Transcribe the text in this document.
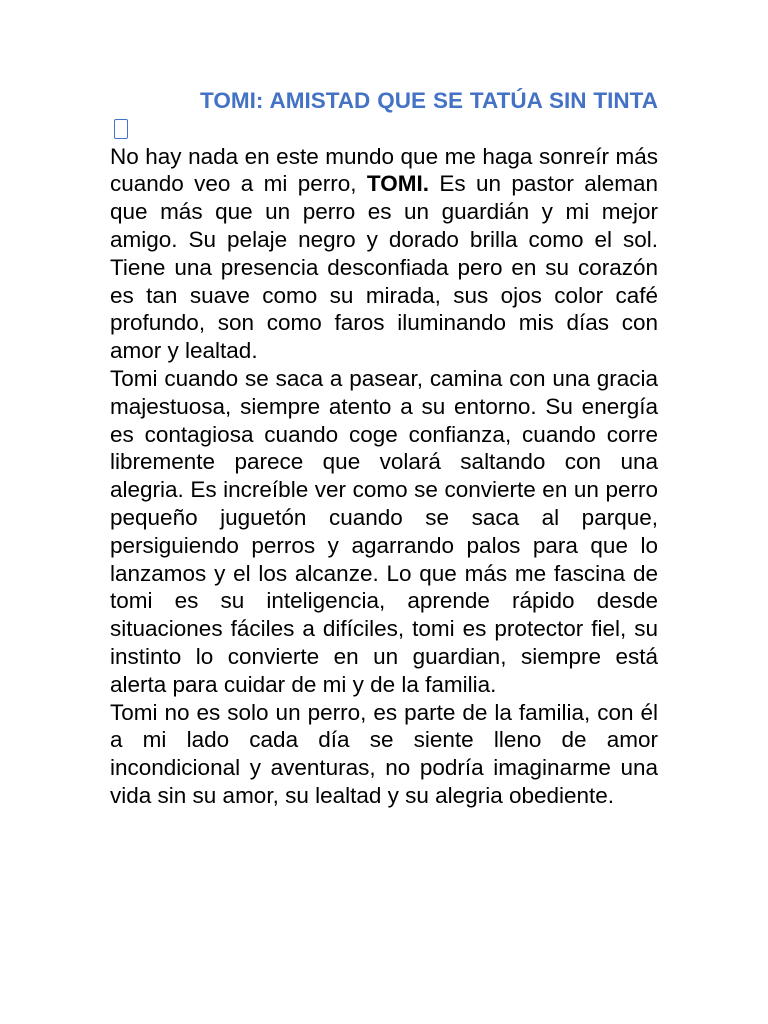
TOMI: AMISTAD QUE SE TATÚA SIN TINTA

No hay nada en este mundo que me haga sonreír más cuando veo a mi perro, TOMI. Es un pastor aleman que más que un perro es un guardián y mi mejor amigo. Su pelaje negro y dorado brilla como el sol. Tiene una presencia desconfiada pero en su corazón es tan suave como su mirada, sus ojos color café profundo, son como faros iluminando mis días con amor y lealtad.

Tomi cuando se saca a pasear, camina con una gracia majestuosa, siempre atento a su entorno. Su energía es contagiosa cuando coge confianza, cuando corre libremente parece que volará saltando con una alegria. Es increíble ver como se convierte en un perro pequeño juguetón cuando se saca al parque, persiguiendo perros y agarrando palos para que lo lanzamos y el los alcanze. Lo que más me fascina de tomi es su inteligencia, aprende rápido desde situaciones fáciles a difíciles, tomi es protector fiel, su instinto lo convierte en un guardian, siempre está alerta para cuidar de mi y de la familia.

Tomi no es solo un perro, es parte de la familia, con él a mi lado cada día se siente lleno de amor incondicional y aventuras, no podría imaginarme una vida sin su amor, su lealtad y su alegria obediente.
